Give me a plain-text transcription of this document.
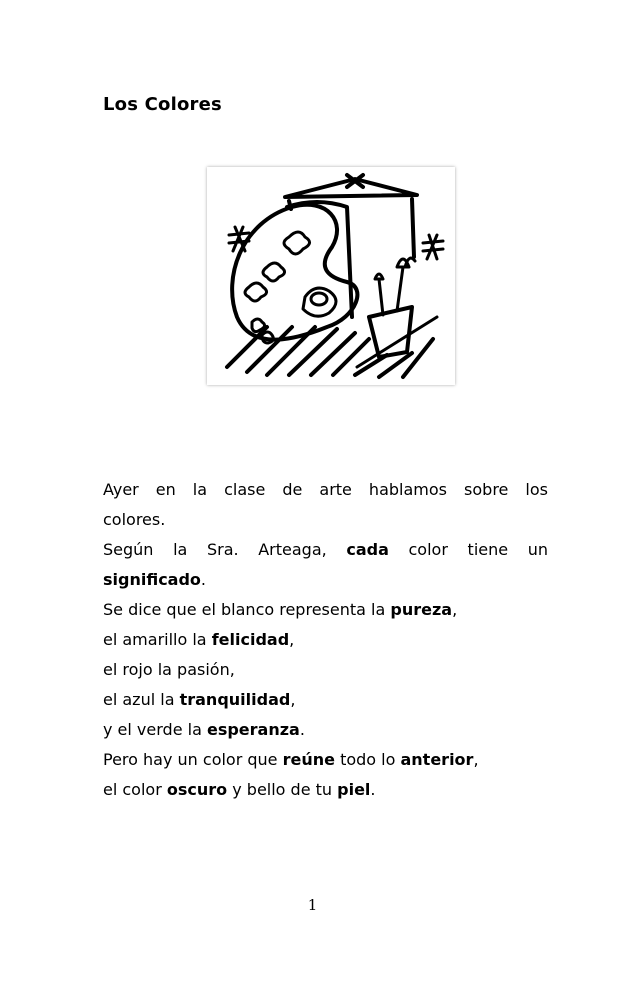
Los Colores
Ayer en la clase de arte hablamos sobre los
colores.
Según la Sra. Arteaga, cada color tiene un
significado.
Se dice que el blanco representa la pureza,
el amarillo la felicidad,
el rojo la pasión,
el azul la tranquilidad,
y el verde la esperanza.
Pero hay un color que reúne todo lo anterior,
el color oscuro y bello de tu piel.
1
